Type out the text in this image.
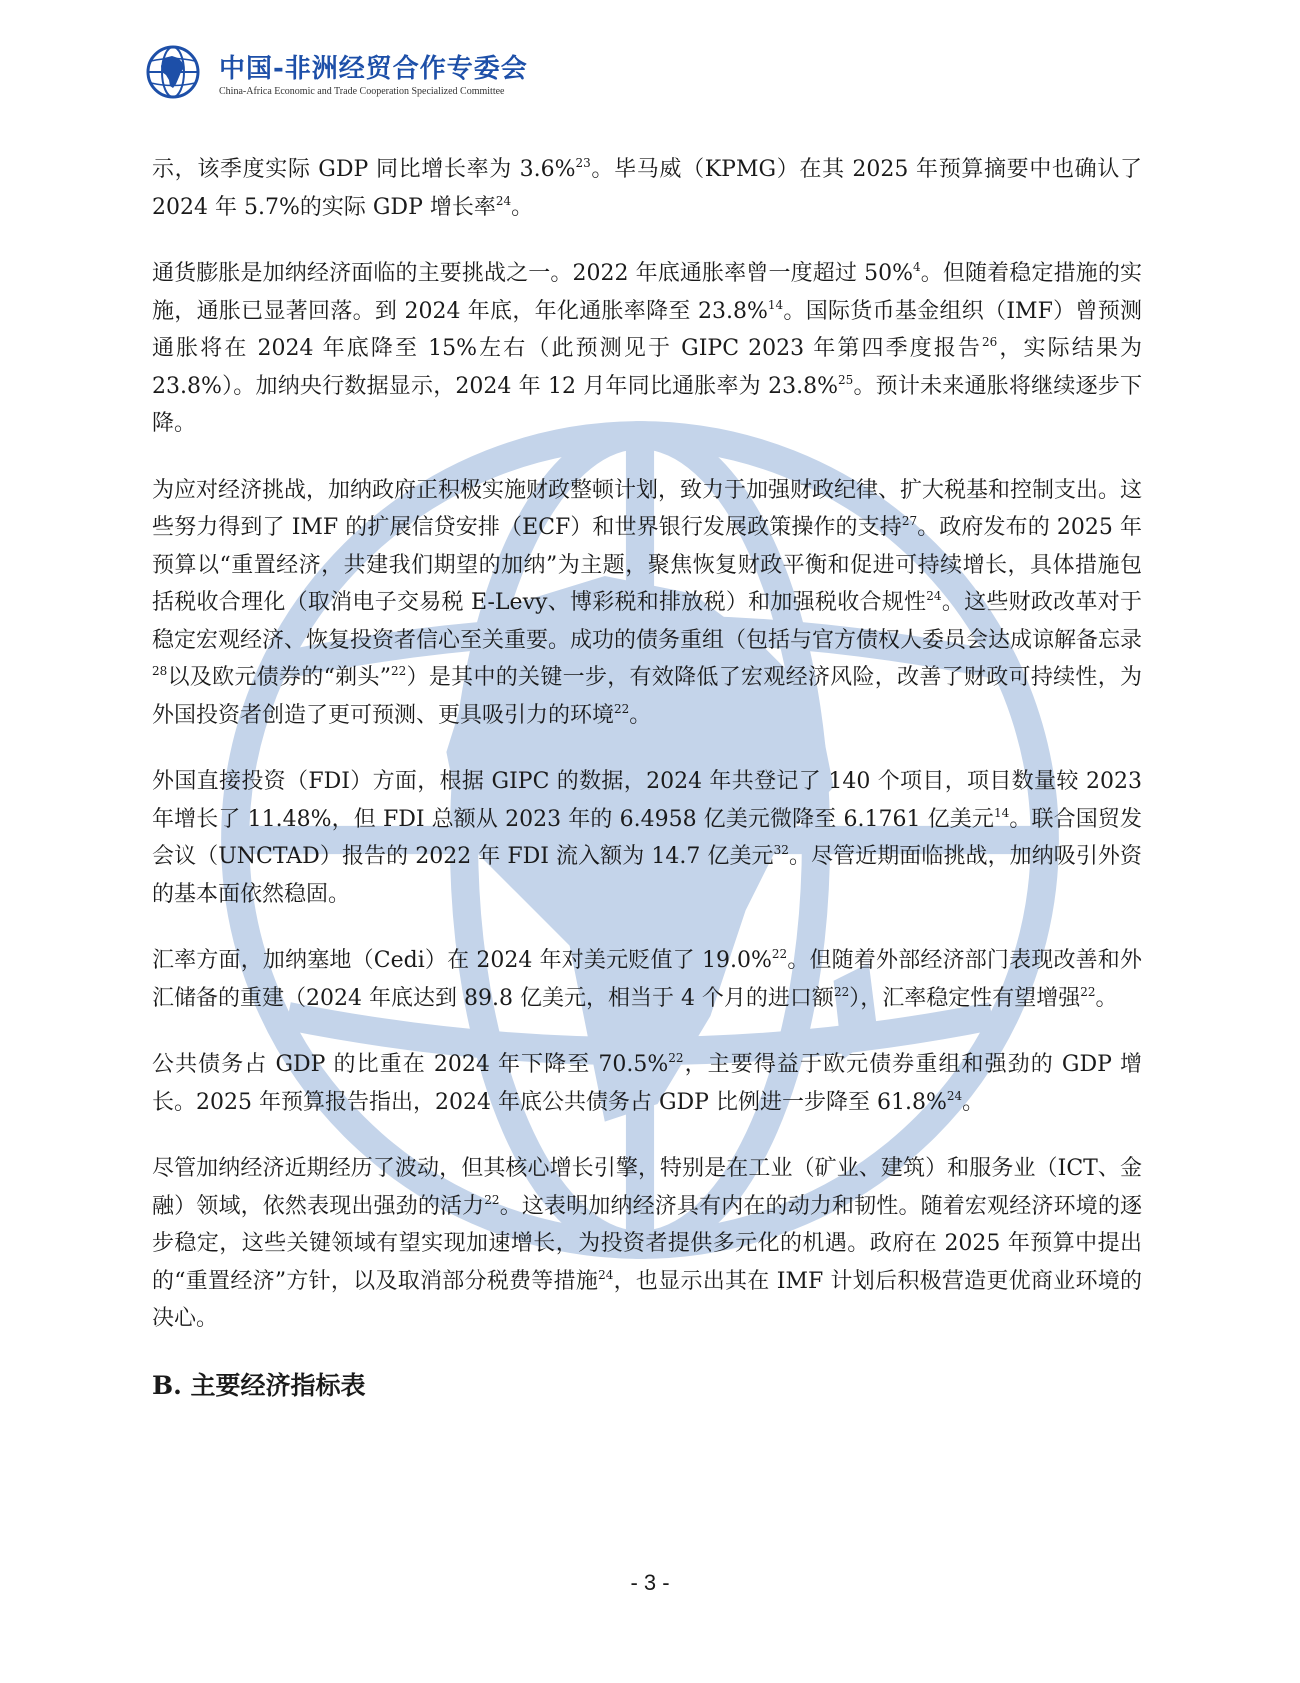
中国-非洲经贸合作专委会
China-Africa Economic and Trade Cooperation Specialized Committee

示，该季度实际 GDP 同比增长率为 3.6%$^{23}$。毕马威（KPMG）在其 2025 年预算摘要中也确认了 2024 年 5.7%的实际 GDP 增长率$^{24}$。

通货膨胀是加纳经济面临的主要挑战之一。2022 年底通胀率曾一度超过 50%$^4$。但随着稳定措施的实施，通胀已显著回落。到 2024 年底，年化通胀率降至 23.8%$^{14}$。国际货币基金组织（IMF）曾预测通胀将在 2024 年底降至 15%左右（此预测见于 GIPC 2023 年第四季度报告$^{26}$，实际结果为 23.8%）。加纳央行数据显示，2024 年 12 月年同比通胀率为 23.8%$^{25}$。预计未来通胀将继续逐步下降。

为应对经济挑战，加纳政府正积极实施财政整顿计划，致力于加强财政纪律、扩大税基和控制支出。这些努力得到了 IMF 的扩展信贷安排（ECF）和世界银行发展政策操作的支持$^{27}$。政府发布的 2025 年预算以“重置经济，共建我们期望的加纳”为主题，聚焦恢复财政平衡和促进可持续增长，具体措施包括税收合理化（取消电子交易税 E-Levy、博彩税和排放税）和加强税收合规性$^{24}$。这些财政改革对于稳定宏观经济、恢复投资者信心至关重要。成功的债务重组（包括与官方债权人委员会达成谅解备忘录$^{28}$以及欧元债券的“剃头”$^{22}$）是其中的关键一步，有效降低了宏观经济风险，改善了财政可持续性，为外国投资者创造了更可预测、更具吸引力的环境$^{22}$。

外国直接投资（FDI）方面，根据 GIPC 的数据，2024 年共登记了 140 个项目，项目数量较 2023 年增长了 11.48%，但 FDI 总额从 2023 年的 6.4958 亿美元微降至 6.1761 亿美元$^{14}$。联合国贸发会议（UNCTAD）报告的 2022 年 FDI 流入额为 14.7 亿美元$^{32}$。尽管近期面临挑战，加纳吸引外资的基本面依然稳固。

汇率方面，加纳塞地（Cedi）在 2024 年对美元贬值了 19.0%$^{22}$。但随着外部经济部门表现改善和外汇储备的重建（2024 年底达到 89.8 亿美元，相当于 4 个月的进口额$^{22}$），汇率稳定性有望增强$^{22}$。

公共债务占 GDP 的比重在 2024 年下降至 70.5%$^{22}$，主要得益于欧元债券重组和强劲的 GDP 增长。2025 年预算报告指出，2024 年底公共债务占 GDP 比例进一步降至 61.8%$^{24}$。

尽管加纳经济近期经历了波动，但其核心增长引擎，特别是在工业（矿业、建筑）和服务业（ICT、金融）领域，依然表现出强劲的活力$^{22}$。这表明加纳经济具有内在的动力和韧性。随着宏观经济环境的逐步稳定，这些关键领域有望实现加速增长，为投资者提供多元化的机遇。政府在 2025 年预算中提出的“重置经济”方针，以及取消部分税费等措施$^{24}$，也显示出其在 IMF 计划后积极营造更优商业环境的决心。

B. 主要经济指标表
- 3 -
